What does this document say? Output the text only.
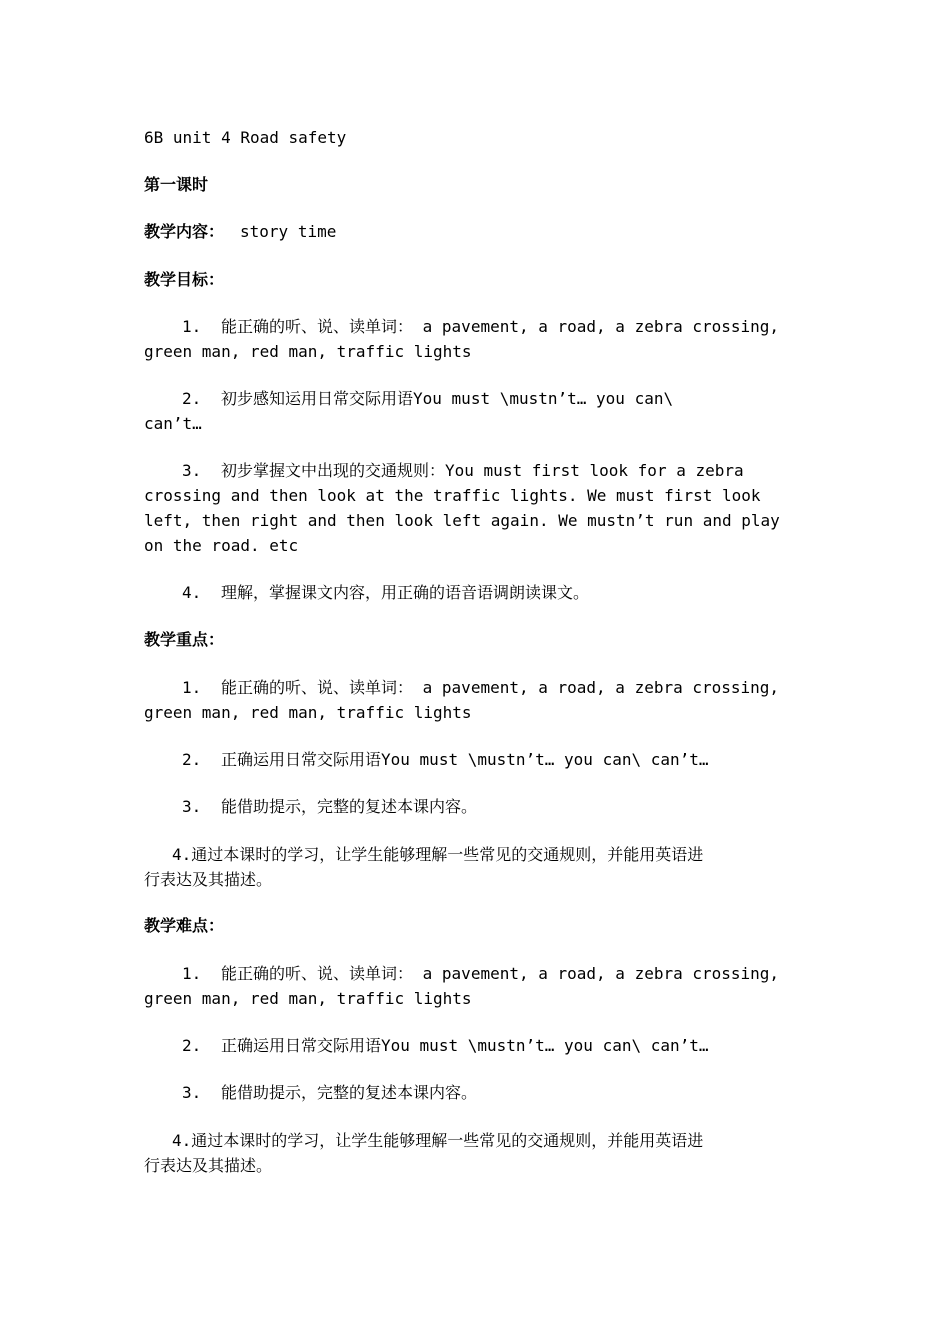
6B unit 4 Road safety
第一课时
教学内容： story time
教学目标：
1. 能正确的听、说、读单词： a pavement, a road, a zebra crossing,
green man, red man, traffic lights
2. 初步感知运用日常交际用语You must \mustn’t… you can\
can’t…
3. 初步掌握文中出现的交通规则：You must first look for a zebra
crossing and then look at the traffic lights. We must first look
left, then right and then look left again. We mustn’t run and play
on the road. etc
4. 理解，掌握课文内容，用正确的语音语调朗读课文。
教学重点：
1. 能正确的听、说、读单词： a pavement, a road, a zebra crossing,
green man, red man, traffic lights
2. 正确运用日常交际用语You must \mustn’t… you can\ can’t…
3. 能借助提示，完整的复述本课内容。
4.通过本课时的学习，让学生能够理解一些常见的交通规则，并能用英语进
行表达及其描述。
教学难点：
1. 能正确的听、说、读单词： a pavement, a road, a zebra crossing,
green man, red man, traffic lights
2. 正确运用日常交际用语You must \mustn’t… you can\ can’t…
3. 能借助提示，完整的复述本课内容。
4.通过本课时的学习，让学生能够理解一些常见的交通规则，并能用英语进
行表达及其描述。
